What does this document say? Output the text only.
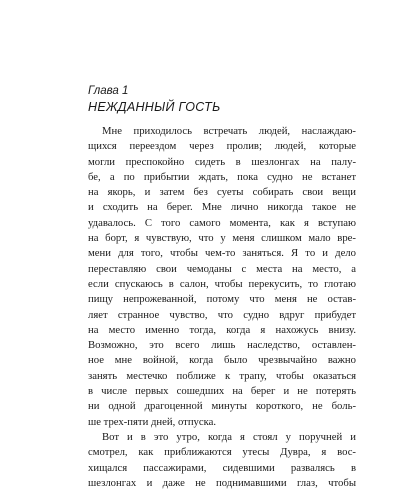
Глава 1

НЕЖДАННЫЙ ГОСТЬ
Мне приходилось встречать людей, наслаждаю-
щихся переездом через пролив; людей, которые
могли преспокойно сидеть в шезлонгах на палу-
бе, а по прибытии ждать, пока судно не встанет
на якорь, и затем без суеты собирать свои вещи
и сходить на берег. Мне лично никогда такое не
удавалось. С того самого момента, как я вступаю
на борт, я чувствую, что у меня слишком мало вре-
мени для того, чтобы чем-то заняться. Я то и дело
переставляю свои чемоданы с места на место, а
если спускаюсь в салон, чтобы перекусить, то глотаю
пищу непрожеванной, потому что меня не остав-
ляет странное чувство, что судно вдруг прибудет
на место именно тогда, когда я нахожусь внизу.
Возможно, это всего лишь наследство, оставлен-
ное мне войной, когда было чрезвычайно важно
занять местечко поближе к трапу, чтобы оказаться
в числе первых сошедших на берег и не потерять
ни одной драгоценной минуты короткого, не боль-
ше трех-пяти дней, отпуска.
Вот и в это утро, когда я стоял у поручней и
смотрел, как приближаются утесы Дувра, я вос-
хищался пассажирами, сидевшими развалясь в
шезлонгах и даже не поднимавшими глаз, чтобы
